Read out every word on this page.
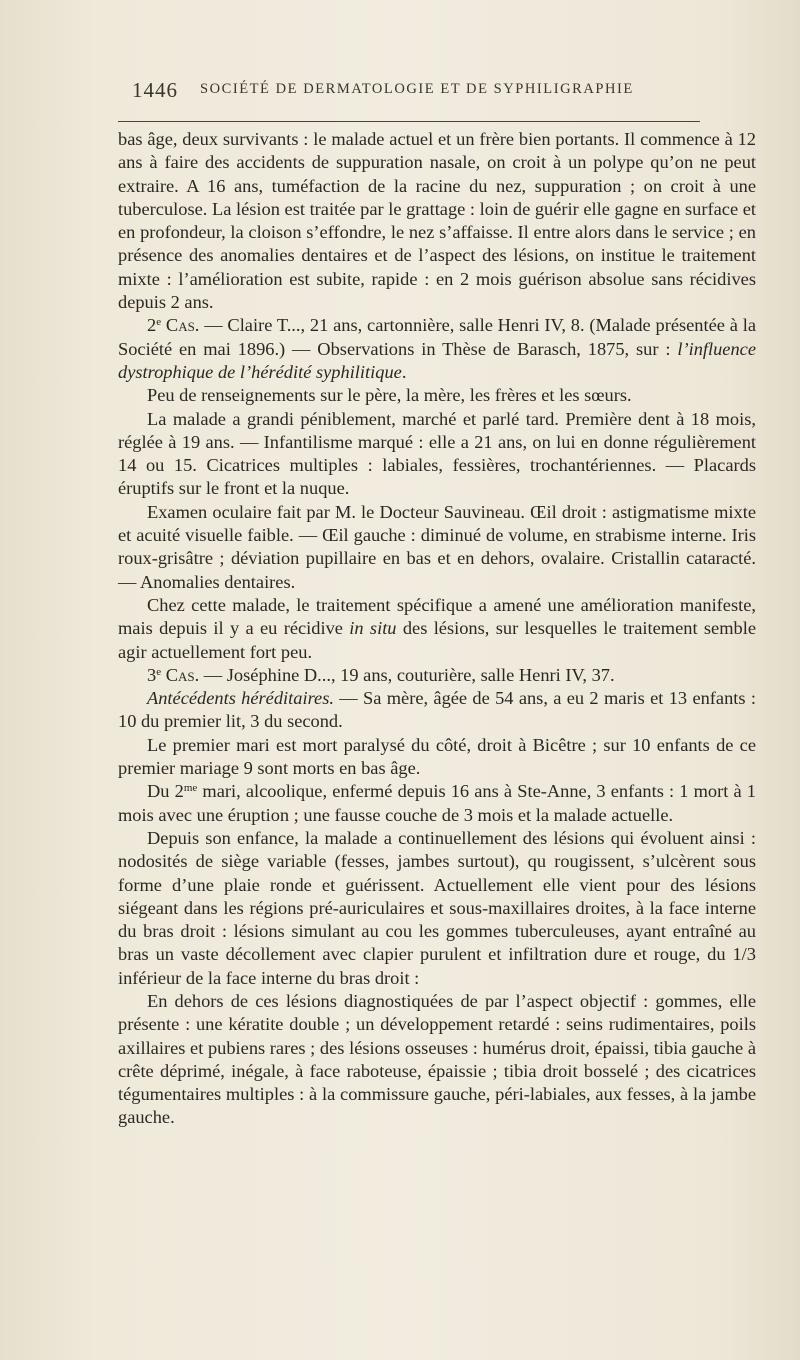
1446 SOCIÉTÉ DE DERMATOLOGIE ET DE SYPHILIGRAPHIE

bas âge, deux survivants : le malade actuel et un frère bien portants. Il commence à 12 ans à faire des accidents de suppuration nasale, on croit à un polype qu’on ne peut extraire. A 16 ans, tuméfaction de la racine du nez, suppuration ; on croit à une tuberculose. La lésion est traitée par le grattage : loin de guérir elle gagne en surface et en profondeur, la cloison s’effondre, le nez s’affaisse. Il entre alors dans le service ; en présence des anomalies dentaires et de l’aspect des lésions, on institue le traitement mixte : l’amélioration est subite, rapide : en 2 mois guérison absolue sans récidives depuis 2 ans.

2e Cas. — Claire T..., 21 ans, cartonnière, salle Henri IV, 8. (Malade présentée à la Société en mai 1896.) — Observations in Thèse de Barasch, 1875, sur : l’influence dystrophique de l’hérédité syphilitique.

Peu de renseignements sur le père, la mère, les frères et les sœurs.

La malade a grandi péniblement, marché et parlé tard. Première dent à 18 mois, réglée à 19 ans. — Infantilisme marqué : elle a 21 ans, on lui en donne régulièrement 14 ou 15. Cicatrices multiples : labiales, fessières, trochantériennes. — Placards éruptifs sur le front et la nuque.

Examen oculaire fait par M. le Docteur Sauvineau. Œil droit : astigmatisme mixte et acuité visuelle faible. — Œil gauche : diminué de volume, en strabisme interne. Iris roux-grisâtre ; déviation pupillaire en bas et en dehors, ovalaire. Cristallin cataracté. — Anomalies dentaires.

Chez cette malade, le traitement spécifique a amené une amélioration manifeste, mais depuis il y a eu récidive in situ des lésions, sur lesquelles le traitement semble agir actuellement fort peu.

3e Cas. — Joséphine D..., 19 ans, couturière, salle Henri IV, 37.

Antécédents héréditaires. — Sa mère, âgée de 54 ans, a eu 2 maris et 13 enfants : 10 du premier lit, 3 du second.

Le premier mari est mort paralysé du côté, droit à Bicêtre ; sur 10 enfants de ce premier mariage 9 sont morts en bas âge.

Du $2^{me}$ mari, alcoolique, enfermé depuis 16 ans à Ste-Anne, 3 enfants : 1 mort à 1 mois avec une éruption ; une fausse couche de 3 mois et la malade actuelle.

Depuis son enfance, la malade a continuellement des lésions qui évoluent ainsi : nodosités de siège variable (fesses, jambes surtout), qu rougissent, s’ulcèrent sous forme d’une plaie ronde et guérissent. Actuellement elle vient pour des lésions siégeant dans les régions pré-auriculaires et sous-maxillaires droites, à la face interne du bras droit : lésions simulant au cou les gommes tuberculeuses, ayant entraîné au bras un vaste décollement avec clapier purulent et infiltration dure et rouge, du 1/3 inférieur de la face interne du bras droit :

En dehors de ces lésions diagnostiquées de par l’aspect objectif : gommes, elle présente : une kératite double ; un développement retardé : seins rudimentaires, poils axillaires et pubiens rares ; des lésions osseuses : humérus droit, épaissi, tibia gauche à crête déprimé, inégale, à face raboteuse, épaissie ; tibia droit bosselé ; des cicatrices tégumentaires multiples : à la commissure gauche, péri-labiales, aux fesses, à la jambe gauche.
